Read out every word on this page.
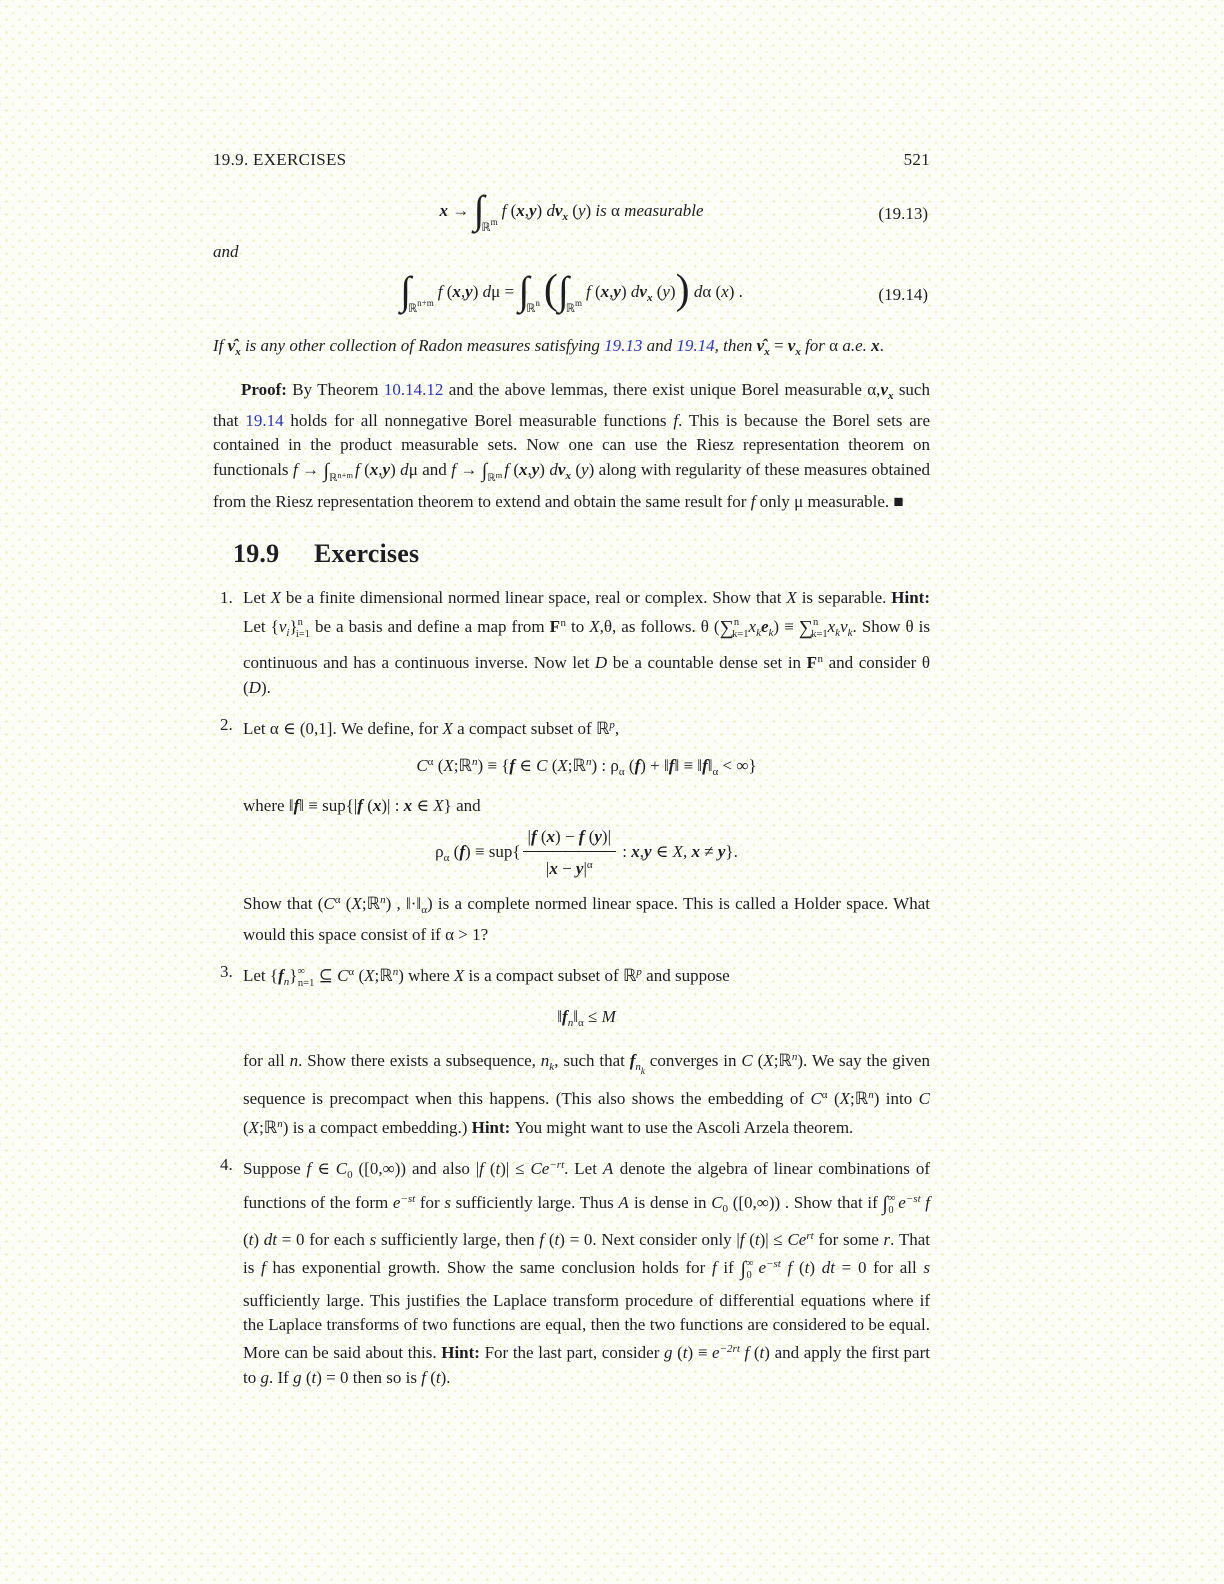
19.9. EXERCISES	521
$x \to \int_{ℝm}f$ (x,y) $d\nu_x$ (y) is α measurable	(19.13)

and

$\int_{ℝn+m}f$ (x,y) $d\mu = \int_{ℝn}(\int_{ℝm}f$ (x,y) $d\nu_x$ (y)) dα (x) .	(19.14)

If $\nû_x$ is any other collection of Radon measures satisfying 19.13 and 19.14, then $\nû_x = \nu_x$ for α a.e. x.

Proof: By Theorem 10.14.12 and the above lemmas, there exist unique Borel measurable $\alpha,\nu_x$ such that 19.14 holds for all nonnegative Borel measurable functions f. This is because the Borel sets are contained in the product measurable sets. Now one can use the Riesz representation theorem on functionals $f \to \int_ℝn+m$ f (x,y) dμ and $f \to \int_ℝm$ f (x,y) $d\nu_x$ (y) along with regularity of these measures obtained from the Riesz representation theorem to extend and obtain the same result for f only μ measurable. ■

19.9 Exercises
1. Let X be a finite dimensional normed linear space, real or complex. Show that X is separable. Hint: Let $\{v_i\}^n_{i=1}$ be a basis and define a map from $F^n$ to X,θ, as follows. θ $(\sum^n_{k=1}x_ke_k) \equiv \sum^n_{k=1}x_kv_k$. Show θ is continuous and has a continuous inverse. Now let D be a countable dense set in $F^n$ and consider θ (D).

2. Let α ∈ (0,1]. We define, for X a compact subset of ℝ$^p$,

$C^\alpha$ (X;ℝ$^n$) ≡ {f ∈ C (X;ℝ$^n$) : $\rho_\alpha$ (f) + ‖f‖ ≡ $‖f‖_\alpha$ < ∞}

where ‖f‖ ≡ sup{|f (x)| : x ∈ X} and

$\rho_\alpha$ $(f) \equiv sup\{ \frac{|f (x) - f (y)|}{|x - y|^\alpha}$ : x,y ∈ X, x ≠ y}.

Show that ($C^\alpha$ (X;ℝ$^n$) , $‖\cdot‖_\alpha$) is a complete normed linear space. This is called a Holder space. What would this space consist of if α > 1?

3. Let $\{f_n\}^\infty_{n=1}$ ⊆ $C^\alpha$ (X;ℝ$^n$) where X is a compact subset of ℝ$^p$ and suppose

$‖f_n‖_\alpha \le M$

for all n. Show there exists a subsequence, $n_k$, such that $f_{nk}$ converges in C (X;ℝ$^n$). We say the given sequence is precompact when this happens. (This also shows the embedding of $C^\alpha$ (X;ℝ$^n$) into C (X;ℝ$^n$) is a compact embedding.) Hint: You might want to use the Ascoli Arzela theorem.

4. Suppose f ∈ $C_0$ ([0,∞)) and also |f $(t)| \le Ce^{-rt}$. Let A denote the algebra of linear combinations of functions of the form $e^{-st}$ for s sufficiently large. Thus A is dense in $C_0$ ([0,∞)) . Show that if $\int^\infty_0$ $e^{-st}$ f (t) dt = 0 for each s sufficiently large, then f (t) = 0. Next consider only |f $(t)| \le Ce^{rt}$ for some r. That is f has exponential growth. Show the same conclusion holds for f if $\int^\infty_0$ $e^{-st}$ f (t) dt = 0 for all s sufficiently large. This justifies the Laplace transform procedure of differential equations where if the Laplace transforms of two functions are equal, then the two functions are considered to be equal. More can be said about this. Hint: For the last part, consider g $(t) \equiv e^{-2rt}$ f (t) and apply the first part to g. If g (t) = 0 then so is f (t).
